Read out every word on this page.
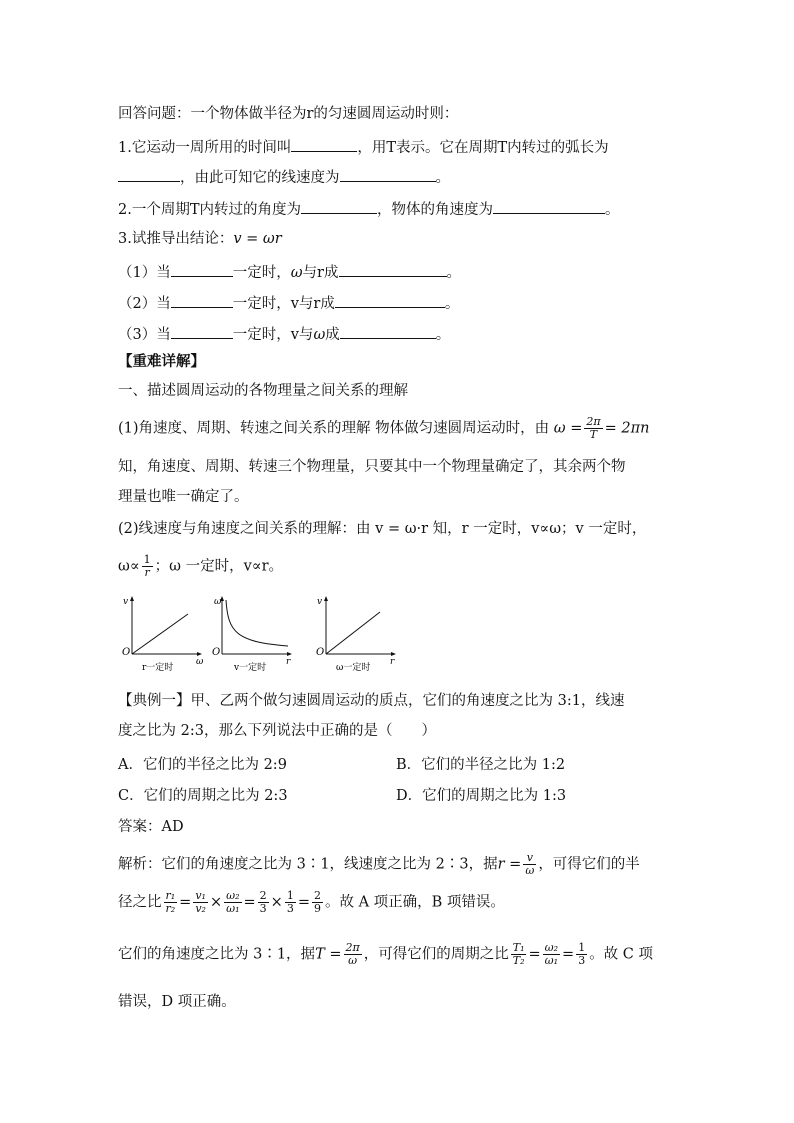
回答问题：一个物体做半径为r的匀速圆周运动时则：
1.它运动一周所用的时间叫	，用T表示。它在周期T内转过的弧长为
，由此可知它的线速度为	。
2.一个周期T内转过的角度为	，物体的角速度为	。
3.试推导出结论：v = ωr
（1）当	一定时，ω与r成	。
（2）当	一定时，v与r成	。
（3）当	一定时，v与ω成	。
【重难详解】
一、描述圆周运动的各物理量之间关系的理解
(1)角速度、周期、转速之间关系的理解 物体做匀速圆周运动时，由 $\omega = \frac{2\pi}{T} = 2\pi n$
知，角速度、周期、转速三个物理量，只要其中一个物理量确定了，其余两个物
理量也唯一确定了。
(2)线速度与角速度之间关系的理解：由 v = ω·r 知，r 一定时，v∝ω；v 一定时，
$\omega\propto \frac{1}{r}$ ；ω 一定时，v∝r。
v
O
ω
r一定时
ω
O
r
v一定时
v
O
r
ω一定时
【典例一】甲、乙两个做匀速圆周运动的质点，它们的角速度之比为 3:1，线速
度之比为 2:3，那么下列说法中正确的是（　　）
A．它们的半径之比为 2:9	B．它们的半径之比为 1:2
C．它们的周期之比为 2:3	D．它们的周期之比为 1:3
答案：AD
解析：它们的角速度之比为 3∶1，线速度之比为 2∶3，据$r = \frac{v}{\omega}$ ，可得它们的半
径之比 $\frac{\text{r₁}}{\text{r₂}} = \frac{\text{v₁}}{\text{v₂}} \times \frac{\text{ω₂}}{\text{ω₁}} = \frac{2}{3} \times \frac{1}{3} = \frac{2}{9}$ 。故 A 项正确，B 项错误。
它们的角速度之比为 3∶1，据$T = \frac{2\pi}{\omega}$ ，可得它们的周期之比 $\frac{\text{T₁}}{\text{T₂}} = \frac{\text{ω₂}}{\text{ω₁}} = \frac{1}{3}$ 。故 C 项
错误，D 项正确。
